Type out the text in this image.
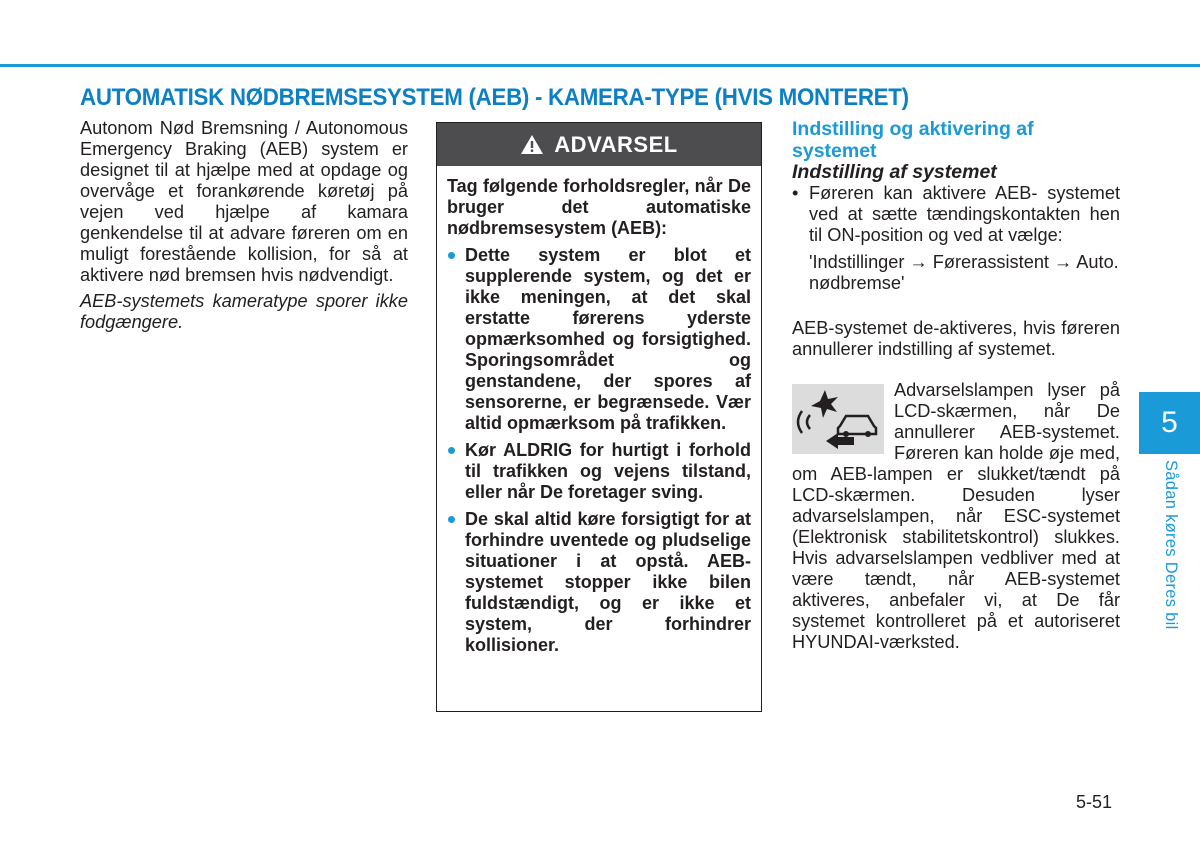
AUTOMATISK NØDBREMSESYSTEM (AEB) - KAMERA-TYPE (HVIS MONTERET)

Autonom Nød Bremsning / Autonomous Emergency Braking (AEB) system er designet til at hjælpe med at opdage og overvåge et forankørende køretøj på vejen ved hjælpe af kamara genkendelse til at advare føreren om en muligt forestående kollision, for så at aktivere nød bremsen hvis nødvendigt.

AEB-systemets kameratype sporer ikke fodgængere.

ADVARSEL

Tag følgende forholdsregler, når De bruger det automatiske nødbremsesystem (AEB):

Dette system er blot et supplerende system, og det er ikke meningen, at det skal erstatte førerens yderste opmærksomhed og forsigtighed. Sporingsområdet og genstandene, der spores af sensorerne, er begrænsede. Vær altid opmærksom på trafikken.
Kør ALDRIG for hurtigt i forhold til trafikken og vejens tilstand, eller når De foretager sving.
De skal altid køre forsigtigt for at forhindre uventede og pludselige situationer i at opstå. AEB-systemet stopper ikke bilen fuldstændigt, og er ikke et system, der forhindrer kollisioner.

Indstilling og aktivering af systemet

Indstilling af systemet

• Føreren kan aktivere AEB- systemet ved at sætte tændingskontakten hen til ON-position og ved at vælge:

'Indstillinger → Førerassistent → Auto. nødbremse'

AEB-systemet de-aktiveres, hvis føreren annullerer indstilling af systemet.

Advarselslampen lyser på LCD-skærmen, når De annullerer AEB-systemet. Føreren kan holde øje med, om AEB-lampen er slukket/tændt på LCD-skærmen. Desuden lyser advarselslampen, når ESC-systemet (Elektronisk stabilitetskontrol) slukkes. Hvis advarselslampen vedbliver med at være tændt, når AEB-systemet aktiveres, anbefaler vi, at De får systemet kontrolleret på et autoriseret HYUNDAI-værksted.

5
Sådan køres Deres bil
5-51
